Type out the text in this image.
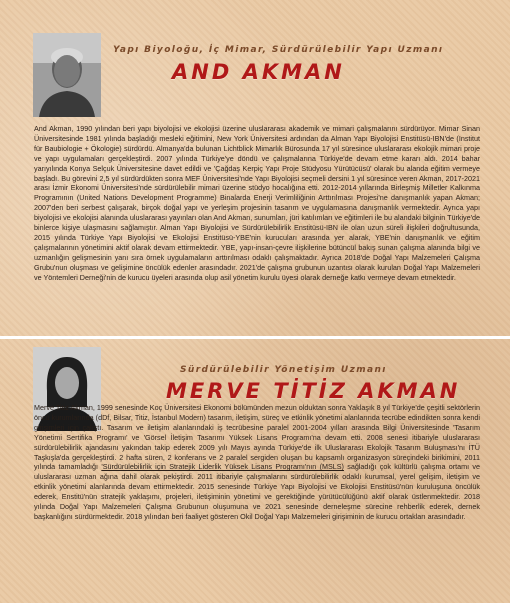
Yapı Biyoloğu, İç Mimar, Sürdürülebilir Yapı Uzmanı
AND AKMAN

And Akman, 1990 yılından beri yapı biyolojisi ve ekolojisi üzerine uluslararası akademik ve mimari çalışmalarını sürdürüyor. Mimar Sinan Üniversitesinde 1981 yılında başladığı mesleki eğitimini, New York Üniversitesi ardından da Alman Yapı Biyolojisi Enstitüsü-IBN'de (Institut für Baubiologie + Ökologie) sürdürdü. Almanya'da bulunan Lichtblick Mimarlık Bürosunda 17 yıl süresince uluslararası ekolojik mimari proje ve yapı uygulamaları gerçekleştirdi. 2007 yılında Türkiye'ye döndü ve çalışmalarına Türkiye'de devam etme kararı aldı. 2014 bahar yarıyılında Konya Selçuk Üniversitesine davet edildi ve 'Çağdaş Kerpiç Yapı Proje Stüdyosu Yürütücüsü' olarak bu alanda eğitim vermeye başladı. Bu görevini 2,5 yıl sürdürdükten sonra MEF Üniversitesi'nde Yapı Biyolojisi seçmeli dersini 1 yıl süresince veren Akman, 2017-2021 arası İzmir Ekonomi Üniversitesi'nde sürdürülebilir mimari üzerine stüdyo hocalığına etti. 2012-2014 yıllarında Birleşmiş Milletler Kalkınma Programının (United Nations Development Programme) Binalarda Enerji Verimliliğinin Arttırılması Projesi'ne danışmanlık yapan Akman; 2007'den beri serbest çalışarak, birçok doğal yapı ve yerleşim projesinin tasarım ve uygulamasına danışmanlık vermektedir. Ayrıca yapı biyolojisi ve ekolojisi alanında uluslararası yayınları olan And Akman, sunumları, jüri katılımları ve eğitimleri ile bu alandaki bilginin Türkiye'de binlerce kişiye ulaşmasını sağlamıştır. Alman Yapı Biyolojisi ve Sürdürülebilirlik Enstitüsü-IBN ile olan uzun süreli ilişkileri doğrultusunda, 2015 yılında Türkiye Yapı Biyolojisi ve Ekolojisi Enstitüsü-YBE'nin kurucuları arasında yer alarak, YBE'nin danışmanlık ve eğitim çalışmalarının yönetimini aktif olarak devam ettirmektedir. YBE, yapı-insan-çevre ilişkilerine bütüncül bakış sunan çalışma alanında bilgi ve uzmanlığın gelişmesinin yanı sıra örnek uygulamaların arttırılması odaklı çalışmaktadır. Ayrıca 2018'de Doğal Yapı Malzemeleri Çalışma Grubu'nun oluşması ve gelişimine öncülük edenler arasındadır. 2021'de çalışma grubunun uzantısı olarak kurulan Doğal Yapı Malzemeleri ve Yöntemleri Derneği'nin de kurucu üyeleri arasında olup asil yönetim kurulu üyesi olarak derneğe katkı vermeye devam etmektedir.

Sürdürülebilir Yönetişim Uzmanı
MERVE TİTİZ AKMAN

Merve Titiz Akman, 1999 senesinde Koç Üniversitesi Ekonomi bölümünden mezun olduktan sonra Yaklaşık 8 yıl Türkiye'de çeşitli sektörlerin öncü kurumlarında (dDf, Bilsar, Titiz, İstanbul Modern) tasarım, iletişim, süreç ve etkinlik yönetimi alanlarında tecrübe edindikten sonra kendi girişimleri için çalıştı. Tasarım ve iletişim alanlarındaki iş tecrübesine paralel 2001-2004 yılları arasında Bilgi Üniversitesinde 'Tasarım Yönetimi Sertifika Programı' ve 'Görsel İletişim Tasarımı Yüksek Lisans Programı'na devam etti. 2008 senesi itibariyle uluslararası sürdürülebilirlik ajandasını yakından takip ederek 2009 yılı Mayıs ayında Türkiye'de ilk Uluslararası Ekolojik Tasarım Buluşması'nı İTÜ Taşkışla'da gerçekleştirdi. 2 hafta süren, 2 konferans ve 2 paralel sergiden oluşan bu kapsamlı organizasyon süreçindeki birikimini, 2011 yılında tamamladığı 'Sürdürülebilirlik için Stratejik Liderlik Yüksek Lisans Programı'nın (MSLS) sağladığı çok kültürlü çalışma ortamı ve uluslararası uzman ağına dahil olarak pekiştirdi. 2011 itibariyle çalışmalarını sürdürülebilirlik odaklı kurumsal, yerel gelişim, iletişim ve etkinlik yönetimi alanlarında devam ettirmektedir. 2015 senesinde Türkiye Yapı Biyolojisi ve Ekolojisi Enstitüsü'nün kuruluşuna öncülük ederek, Enstitü'nün stratejik yaklaşımı, projeleri, iletişiminin yönetimi ve gerektiğinde yürütücülüğünü aktif olarak üstlenmektedir. 2018 yılında Doğal Yapı Malzemeleri Çalışma Grubunun oluşumuna ve 2021 senesinde derneleşme sürecine rehberlik ederek, dernek başkanlığını sürdürmektedir. 2018 yılından beri faaliyet gösteren Okil Doğal Yapı Malzemeleri girişiminin de kurucu ortakları arasındadır.
